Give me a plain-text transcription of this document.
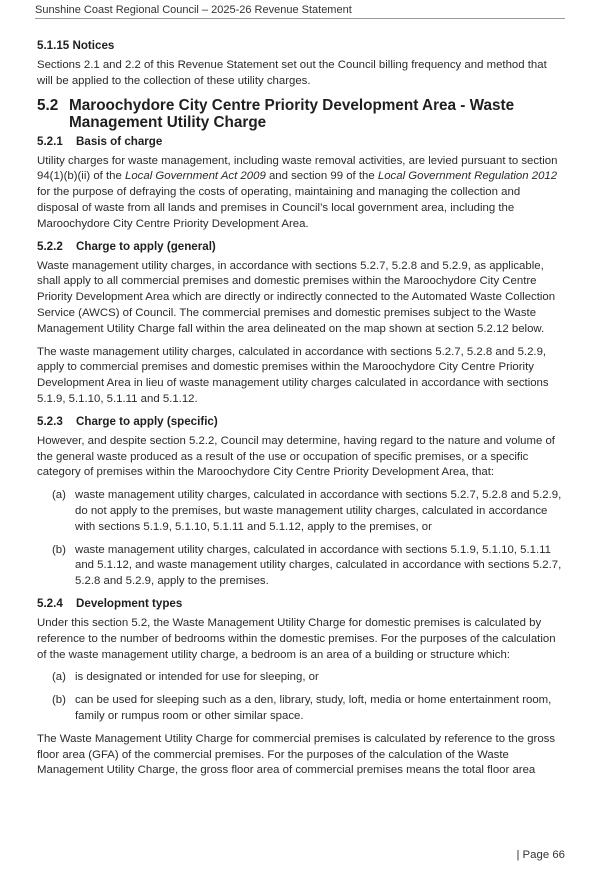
Sunshine Coast Regional Council – 2025-26 Revenue Statement
5.1.15 Notices

Sections 2.1 and 2.2 of this Revenue Statement set out the Council billing frequency and method that will be applied to the collection of these utility charges.

5.2 Maroochydore City Centre Priority Development Area - Waste
Management Utility Charge
5.2.1 Basis of charge

Utility charges for waste management, including waste removal activities, are levied pursuant to section 94(1)(b)(ii) of the Local Government Act 2009 and section 99 of the Local Government Regulation 2012 for the purpose of defraying the costs of operating, maintaining and managing the collection and disposal of waste from all lands and premises in Council’s local government area, including the Maroochydore City Centre Priority Development Area.

5.2.2 Charge to apply (general)

Waste management utility charges, in accordance with sections 5.2.7, 5.2.8 and 5.2.9, as applicable, shall apply to all commercial premises and domestic premises within the Maroochydore City Centre Priority Development Area which are directly or indirectly connected to the Automated Waste Collection Service (AWCS) of Council. The commercial premises and domestic premises subject to the Waste Management Utility Charge fall within the area delineated on the map shown at section 5.2.12 below.

The waste management utility charges, calculated in accordance with sections 5.2.7, 5.2.8 and 5.2.9, apply to commercial premises and domestic premises within the Maroochydore City Centre Priority Development Area in lieu of waste management utility charges calculated in accordance with sections 5.1.9, 5.1.10, 5.1.11 and 5.1.12.

5.2.3 Charge to apply (specific)

However, and despite section 5.2.2, Council may determine, having regard to the nature and volume of the general waste produced as a result of the use or occupation of specific premises, or a specific category of premises within the Maroochydore City Centre Priority Development Area, that:

(a) waste management utility charges, calculated in accordance with sections 5.2.7, 5.2.8 and 5.2.9, do not apply to the premises, but waste management utility charges, calculated in accordance with sections 5.1.9, 5.1.10, 5.1.11 and 5.1.12, apply to the premises, or
(b) waste management utility charges, calculated in accordance with sections 5.1.9, 5.1.10, 5.1.11 and 5.1.12, and waste management utility charges, calculated in accordance with sections 5.2.7, 5.2.8 and 5.2.9, apply to the premises.
5.2.4 Development types

Under this section 5.2, the Waste Management Utility Charge for domestic premises is calculated by reference to the number of bedrooms within the domestic premises. For the purposes of the calculation of the waste management utility charge, a bedroom is an area of a building or structure which:

(a) is designated or intended for use for sleeping, or
(b) can be used for sleeping such as a den, library, study, loft, media or home entertainment room, family or rumpus room or other similar space.

The Waste Management Utility Charge for commercial premises is calculated by reference to the gross floor area (GFA) of the commercial premises. For the purposes of the calculation of the Waste Management Utility Charge, the gross floor area of commercial premises means the total floor area

| Page 66
